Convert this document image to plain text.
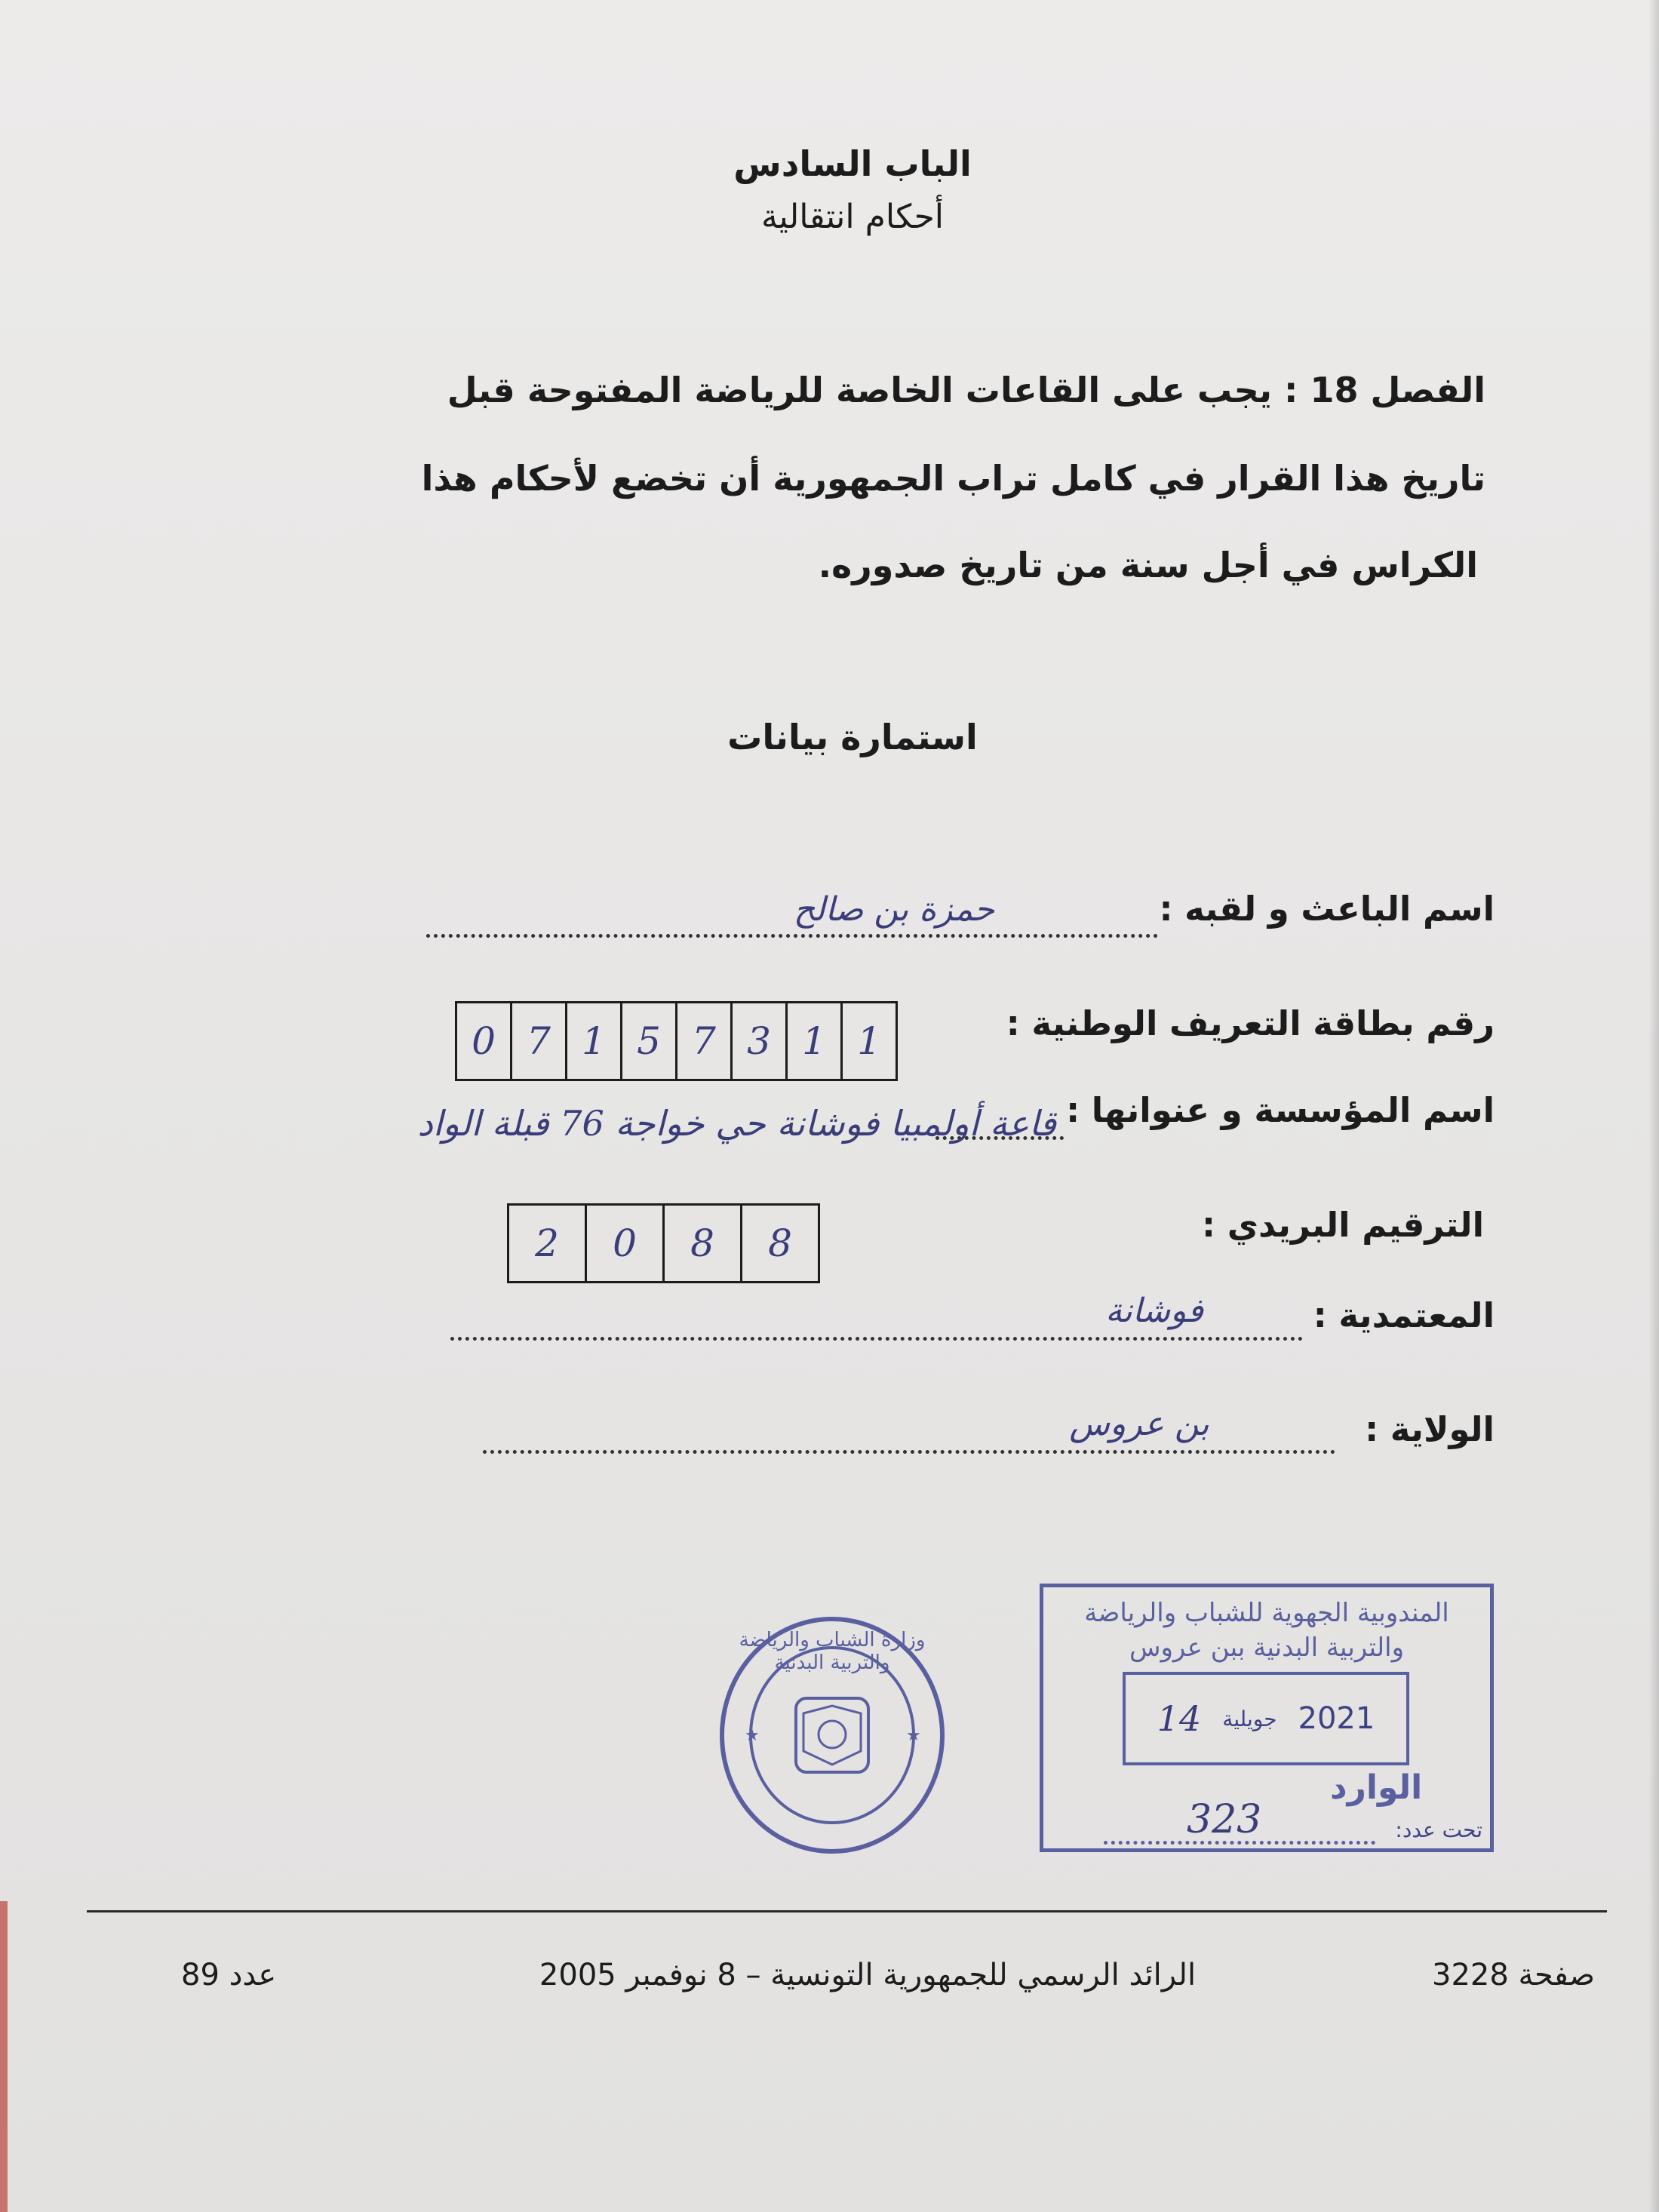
الباب السادس
أحكام انتقالية
الفصل 18 : يجب على القاعات الخاصة للرياضة المفتوحة قبل
تاريخ هذا القرار في كامل تراب الجمهورية أن تخضع لأحكام هذا
الكراس في أجل سنة من تاريخ صدوره.
استمارة بيانات
اسم الباعث و لقبه :
حمزة بن صالح
رقم بطاقة التعريف الوطنية :
0 7 1 5 7 3 1 1
اسم المؤسسة و عنوانها :
قاعة أولمبيا فوشانة حي خواجة 76 قبلة الواد
الترقيم البريدي :
2	0	8	8
المعتمدية :
فوشانة
الولاية :
بن عروس
★	★
وزارة الشباب والرياضة والتربية البدنية
المندوبية الجهوية للشباب والرياضة
والتربية البدنية ببن عروس
14 جويلية 2021
الوارد
تحت عدد:
323
صفحة 3228
الرائد الرسمي للجمهورية التونسية – 8 نوفمبر 2005
عدد 89
